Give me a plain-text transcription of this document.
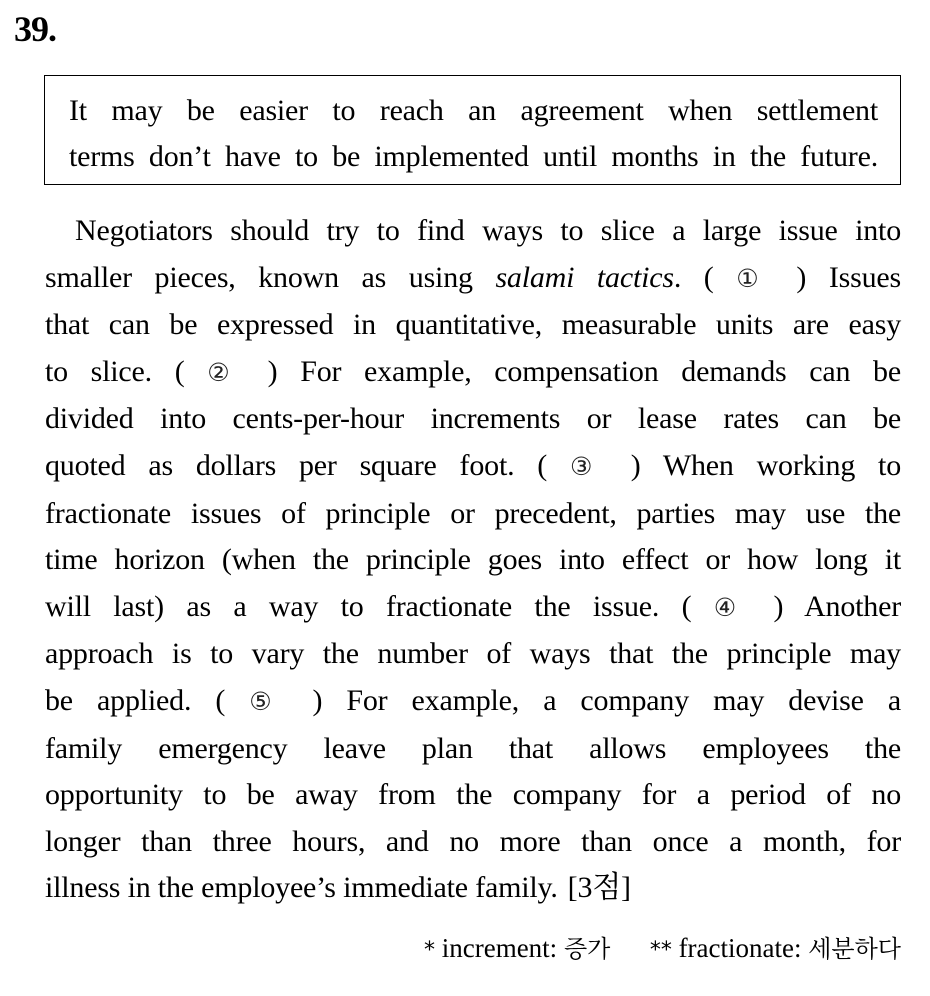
39.

It may be easier to reach an agreement when settlement

terms don’t have to be implemented until months in the future.

Negotiators should try to find ways to slice a large issue into
smaller pieces, known as using salami tactics. ( ① ) Issues
that can be expressed in quantitative, measurable units are easy
to slice. ( ② ) For example, compensation demands can be
divided into cents-per-hour increments or lease rates can be
quoted as dollars per square foot. ( ③ ) When working to
fractionate issues of principle or precedent, parties may use the
time horizon (when the principle goes into effect or how long it
will last) as a way to fractionate the issue. ( ④ ) Another
approach is to vary the number of ways that the principle may
be applied. ( ⑤ ) For example, a company may devise a
family emergency leave plan that allows employees the
opportunity to be away from the company for a period of no
longer than three hours, and no more than once a month, for
illness in the employee’s immediate family. [3점]
* increment: 증가 ** fractionate: 세분하다
